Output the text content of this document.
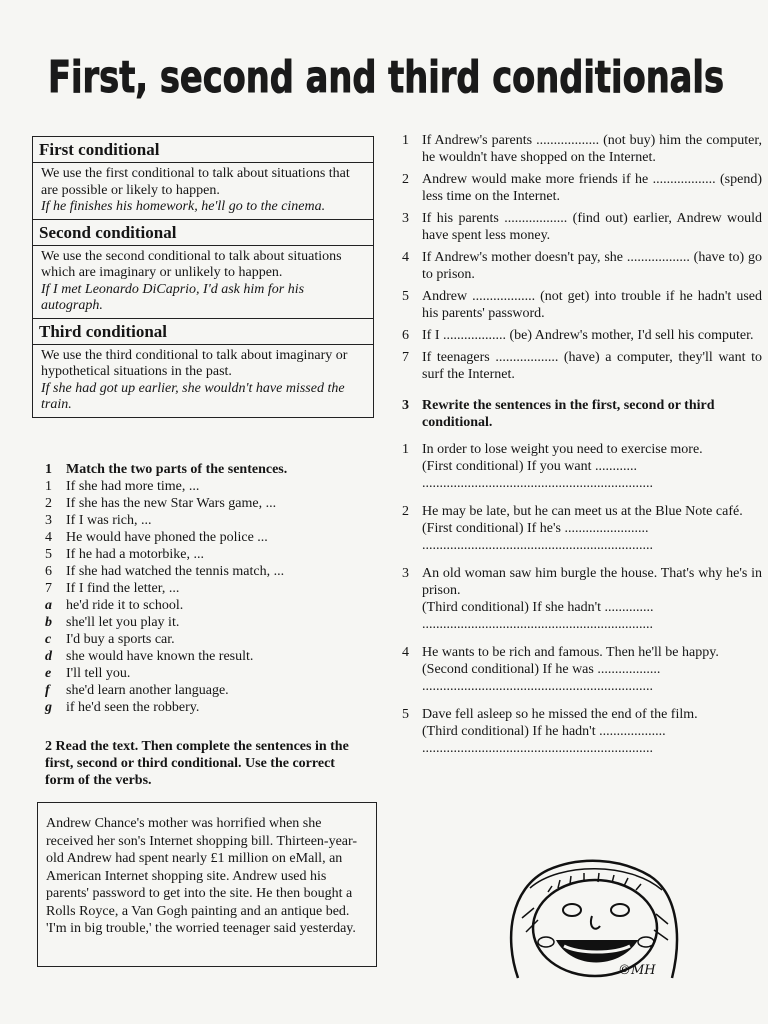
First, second and third conditionals
First conditional
We use the first conditional to talk about situations that are possible or likely to happen.
If he finishes his homework, he'll go to the cinema.
Second conditional
We use the second conditional to talk about situations which are imaginary or unlikely to happen.
If I met Leonardo DiCaprio, I'd ask him for his autograph.
Third conditional
We use the third conditional to talk about imaginary or hypothetical situations in the past.
If she had got up earlier, she wouldn't have missed the train.
1	Match the two parts of the sentences.
1	If she had more time, ...
2	If she has the new Star Wars game, ...
3	If I was rich, ...
4	He would have phoned the police ...
5	If he had a motorbike, ...
6	If she had watched the tennis match, ...
7	If I find the letter, ...
a	he'd ride it to school.
b	she'll let you play it.
c	I'd buy a sports car.
d	she would have known the result.
e	I'll tell you.
f	she'd learn another language.
g	if he'd seen the robbery.
2 Read the text. Then complete the sentences in the first, second or third conditional. Use the correct form of the verbs.
Andrew Chance's mother was horrified when she received her son's Internet shopping bill. Thirteen-year-old Andrew had spent nearly £1 million on eMall, an American Internet shopping site. Andrew used his parents' password to get into the site. He then bought a Rolls Royce, a Van Gogh painting and an antique bed. 'I'm in big trouble,' the worried teenager said yesterday.
1 If Andrew's parents .................. (not buy) him the computer, he wouldn't have shopped on the Internet.
2 Andrew would make more friends if he .................. (spend) less time on the Internet.
3 If his parents .................. (find out) earlier, Andrew would have spent less money.
4 If Andrew's mother doesn't pay, she .................. (have to) go to prison.
5 Andrew .................. (not get) into trouble if he hadn't used his parents' password.
6 If I .................. (be) Andrew's mother, I'd sell his computer.
7 If teenagers .................. (have) a computer, they'll want to surf the Internet.
3 Rewrite the sentences in the first, second or third conditional.
1 In order to lose weight you need to exercise more.
(First conditional) If you want ............
..................................................................
2 He may be late, but he can meet us at the Blue Note café.
(First conditional) If he's ........................
..................................................................
3 An old woman saw him burgle the house. That's why he's in prison.
(Third conditional) If she hadn't ..............
..................................................................
4 He wants to be rich and famous. Then he'll be happy.
(Second conditional) If he was ..................
..................................................................
5 Dave fell asleep so he missed the end of the film.
(Third conditional) If he hadn't ...................
..................................................................
©MH
